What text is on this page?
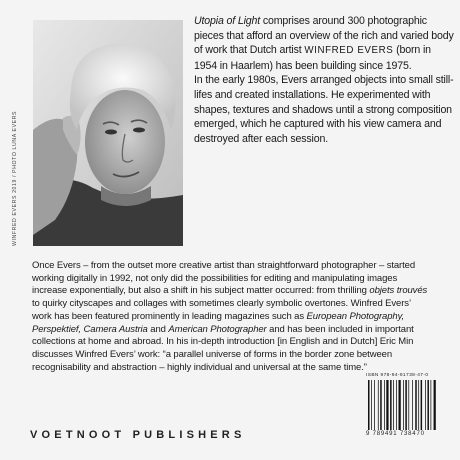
WINFRED EVERS 2019 / PHOTO LUNA EVERS

Utopia of Light comprises around 300 photographic pieces that afford an overview of the rich and varied body of work that Dutch artist WINFRED EVERS (born in 1954 in Haarlem) has been building since 1975.

In the early 1980s, Evers arranged objects into small still-lifes and created installations. He experimented with shapes, textures and shadows until a strong composition emerged, which he captured with his view camera and destroyed after each session.

Once Evers – from the outset more creative artist than straightforward photographer – started working digitally in 1992, not only did the possibilities for editing and manipulating images increase exponentially, but also a shift in his subject matter occurred: from thrilling objets trouvés to quirky cityscapes and collages with sometimes clearly symbolic overtones. Winfred Evers’ work has been featured prominently in leading magazines such as European Photography, Perspektief, Camera Austria and American Photographer and has been included in important collections at home and abroad. In his in-depth introduction [in English and in Dutch] Eric Min discusses Winfred Evers’ work: “a parallel universe of forms in the border zone between recognisability and abstraction – highly individual and universal at the same time.”
ISBN 978-94-91738-47-0
9 789491 738470
VOETNOOT PUBLISHERS
